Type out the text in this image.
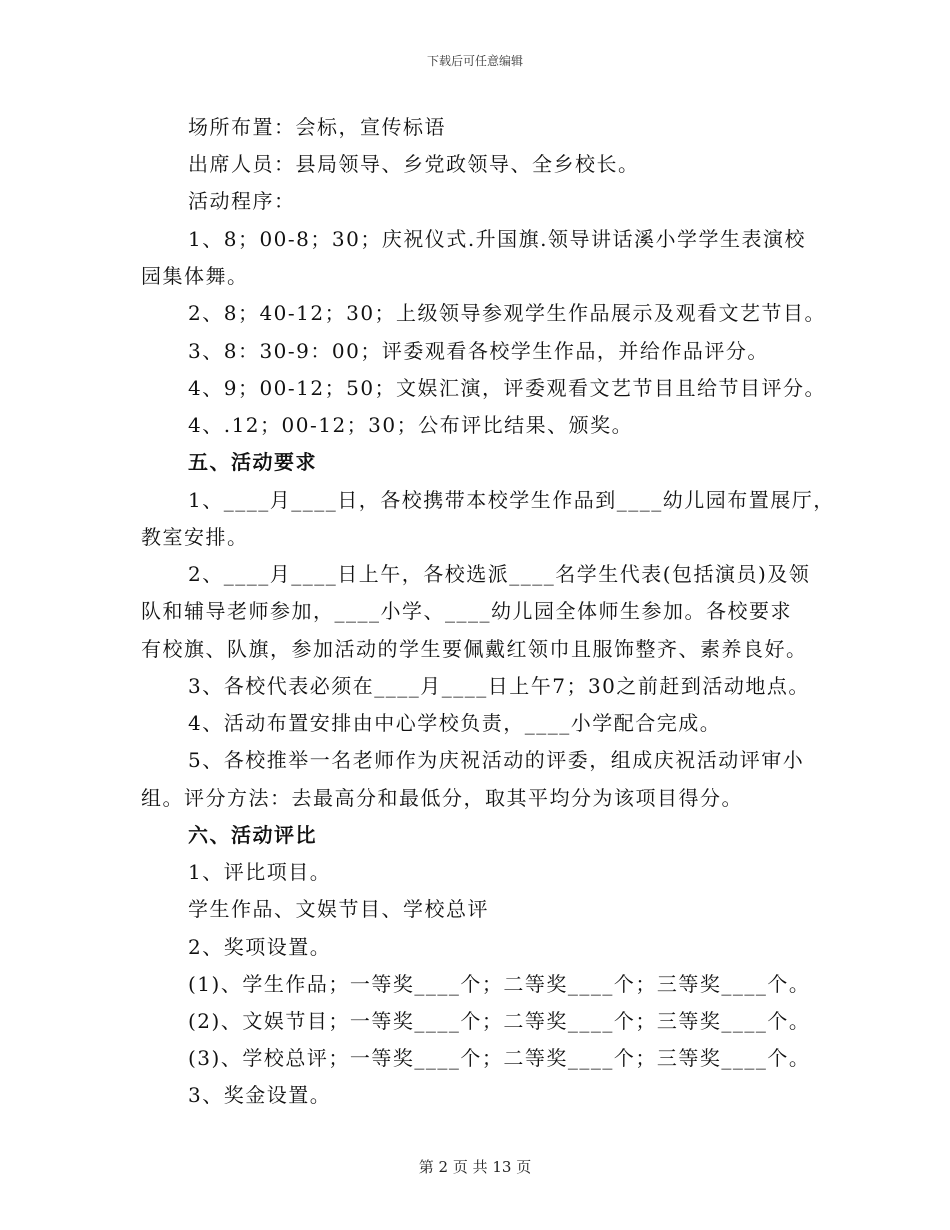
下载后可任意编辑
场所布置：会标，宣传标语
出席人员：县局领导、乡党政领导、全乡校长。
活动程序：
1、8；00-8；30；庆祝仪式.升国旗.领导讲话溪小学学生表演校
园集体舞。
2、8；40-12；30；上级领导参观学生作品展示及观看文艺节目。
3、8：30-9：00；评委观看各校学生作品，并给作品评分。
4、9；00-12；50；文娱汇演，评委观看文艺节目且给节目评分。
4、.12；00-12；30；公布评比结果、颁奖。
五、活动要求
1、____月____日，各校携带本校学生作品到____幼儿园布置展厅，
教室安排。
2、____月____日上午，各校选派____名学生代表(包括演员)及领
队和辅导老师参加，____小学、____幼儿园全体师生参加。各校要求
有校旗、队旗，参加活动的学生要佩戴红领巾且服饰整齐、素养良好。
3、各校代表必须在____月____日上午7；30之前赶到活动地点。
4、活动布置安排由中心学校负责，____小学配合完成。
5、各校推举一名老师作为庆祝活动的评委，组成庆祝活动评审小
组。评分方法：去最高分和最低分，取其平均分为该项目得分。
六、活动评比
1、评比项目。
学生作品、文娱节目、学校总评
2、奖项设置。
(1)、学生作品；一等奖____个；二等奖____个；三等奖____个。
(2)、文娱节目；一等奖____个；二等奖____个；三等奖____个。
(3)、学校总评；一等奖____个；二等奖____个；三等奖____个。
3、奖金设置。
第 2 页 共 13 页
